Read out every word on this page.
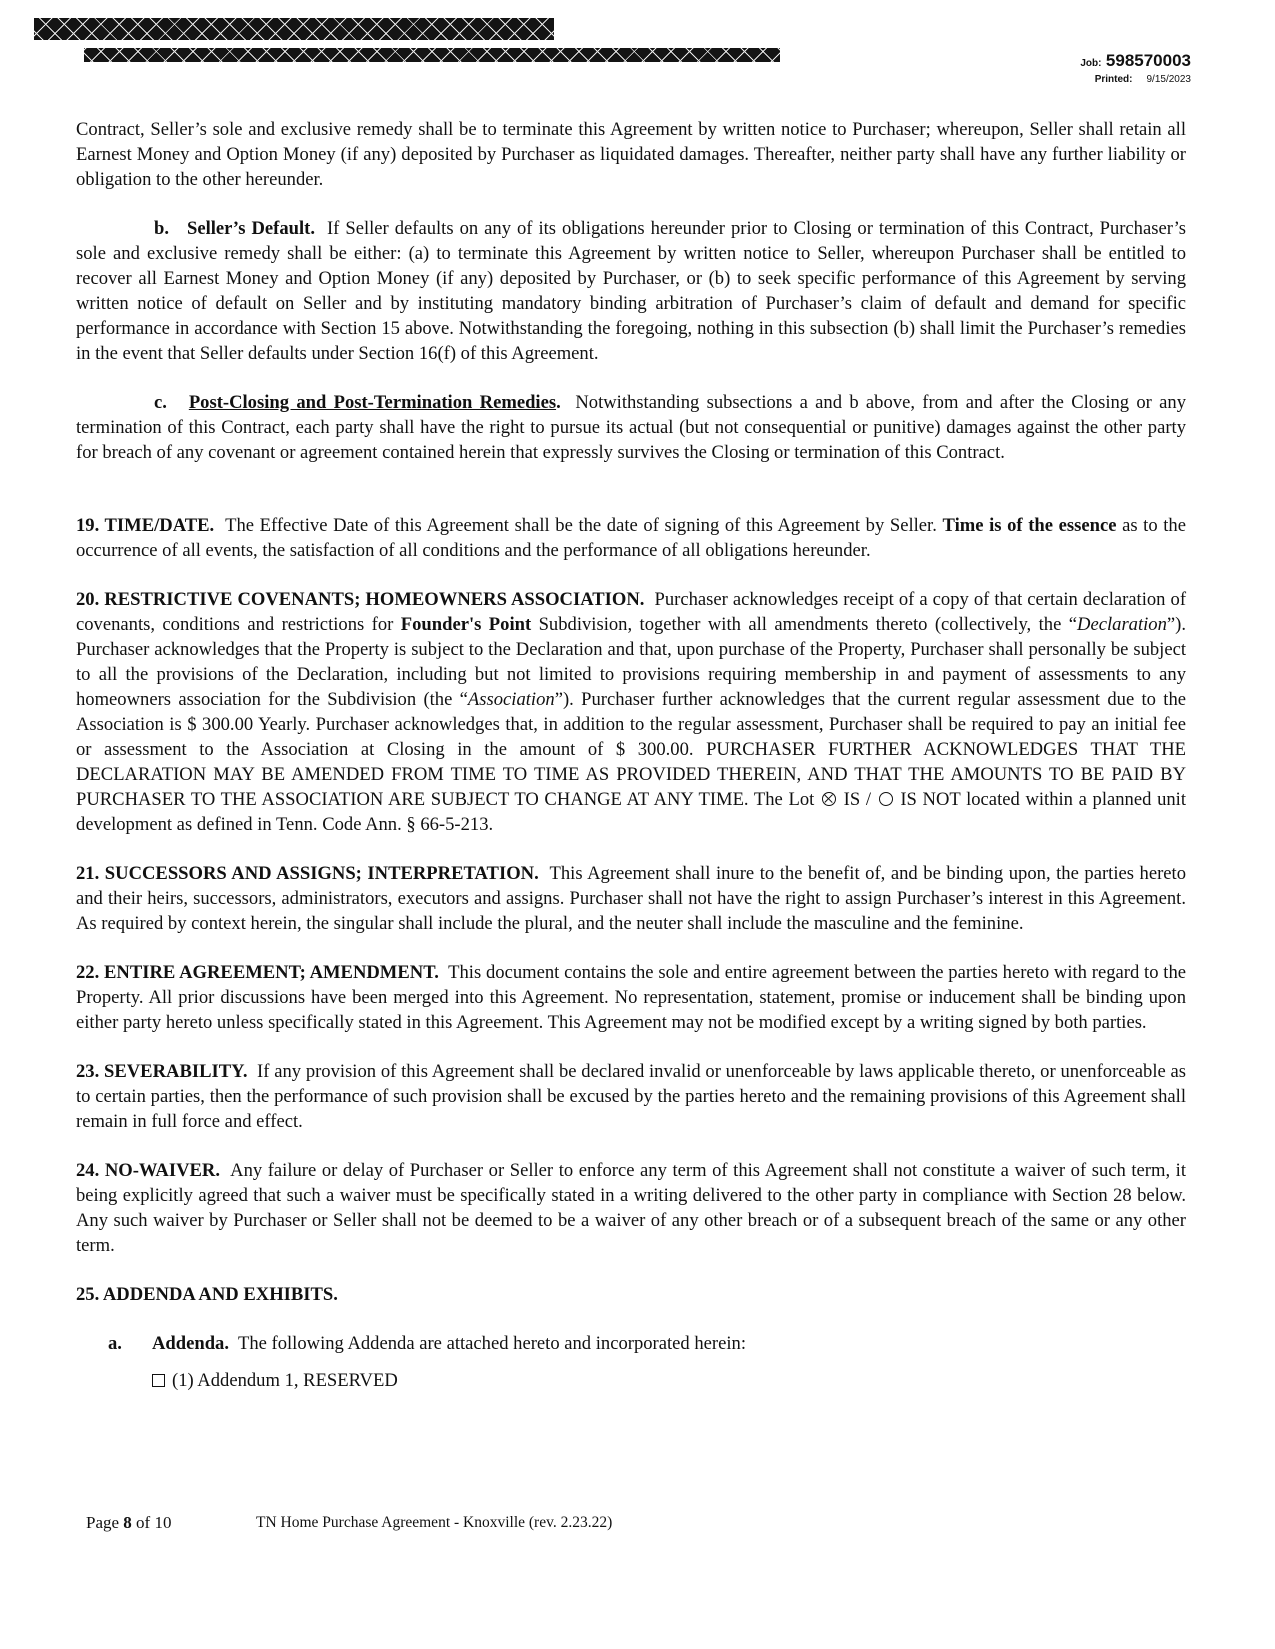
Job: 598570003
Printed: 9/15/2023

Contract, Seller’s sole and exclusive remedy shall be to terminate this Agreement by written notice to Purchaser; whereupon, Seller shall retain all Earnest Money and Option Money (if any) deposited by Purchaser as liquidated damages. Thereafter, neither party shall have any further liability or obligation to the other hereunder.

b. Seller’s Default. If Seller defaults on any of its obligations hereunder prior to Closing or termination of this Contract, Purchaser’s sole and exclusive remedy shall be either: (a) to terminate this Agreement by written notice to Seller, whereupon Purchaser shall be entitled to recover all Earnest Money and Option Money (if any) deposited by Purchaser, or (b) to seek specific performance of this Agreement by serving written notice of default on Seller and by instituting mandatory binding arbitration of Purchaser’s claim of default and demand for specific performance in accordance with Section 15 above. Notwithstanding the foregoing, nothing in this subsection (b) shall limit the Purchaser’s remedies in the event that Seller defaults under Section 16(f) of this Agreement.

c. Post-Closing and Post-Termination Remedies. Notwithstanding subsections a and b above, from and after the Closing or any termination of this Contract, each party shall have the right to pursue its actual (but not consequential or punitive) damages against the other party for breach of any covenant or agreement contained herein that expressly survives the Closing or termination of this Contract.

19. TIME/DATE. The Effective Date of this Agreement shall be the date of signing of this Agreement by Seller. Time is of the essence as to the occurrence of all events, the satisfaction of all conditions and the performance of all obligations hereunder.

20. RESTRICTIVE COVENANTS; HOMEOWNERS ASSOCIATION. Purchaser acknowledges receipt of a copy of that certain declaration of covenants, conditions and restrictions for Founder's Point Subdivision, together with all amendments thereto (collectively, the “Declaration”). Purchaser acknowledges that the Property is subject to the Declaration and that, upon purchase of the Property, Purchaser shall personally be subject to all the provisions of the Declaration, including but not limited to provisions requiring membership in and payment of assessments to any homeowners association for the Subdivision (the “Association”). Purchaser further acknowledges that the current regular assessment due to the Association is $ 300.00 Yearly. Purchaser acknowledges that, in addition to the regular assessment, Purchaser shall be required to pay an initial fee or assessment to the Association at Closing in the amount of $ 300.00. PURCHASER FURTHER ACKNOWLEDGES THAT THE DECLARATION MAY BE AMENDED FROM TIME TO TIME AS PROVIDED THEREIN, AND THAT THE AMOUNTS TO BE PAID BY PURCHASER TO THE ASSOCIATION ARE SUBJECT TO CHANGE AT ANY TIME. The Lot IS / IS NOT located within a planned unit development as defined in Tenn. Code Ann. § 66-5-213.

21. SUCCESSORS AND ASSIGNS; INTERPRETATION. This Agreement shall inure to the benefit of, and be binding upon, the parties hereto and their heirs, successors, administrators, executors and assigns. Purchaser shall not have the right to assign Purchaser’s interest in this Agreement. As required by context herein, the singular shall include the plural, and the neuter shall include the masculine and the feminine.

22. ENTIRE AGREEMENT; AMENDMENT. This document contains the sole and entire agreement between the parties hereto with regard to the Property. All prior discussions have been merged into this Agreement. No representation, statement, promise or inducement shall be binding upon either party hereto unless specifically stated in this Agreement. This Agreement may not be modified except by a writing signed by both parties.

23. SEVERABILITY. If any provision of this Agreement shall be declared invalid or unenforceable by laws applicable thereto, or unenforceable as to certain parties, then the performance of such provision shall be excused by the parties hereto and the remaining provisions of this Agreement shall remain in full force and effect.

24. NO-WAIVER. Any failure or delay of Purchaser or Seller to enforce any term of this Agreement shall not constitute a waiver of such term, it being explicitly agreed that such a waiver must be specifically stated in a writing delivered to the other party in compliance with Section 28 below. Any such waiver by Purchaser or Seller shall not be deemed to be a waiver of any other breach or of a subsequent breach of the same or any other term.

25. ADDENDA AND EXHIBITS.

a.	Addenda. The following Addenda are attached hereto and incorporated herein:
(1) Addendum 1, RESERVED
Page 8 of 10	TN Home Purchase Agreement - Knoxville (rev. 2.23.22)
